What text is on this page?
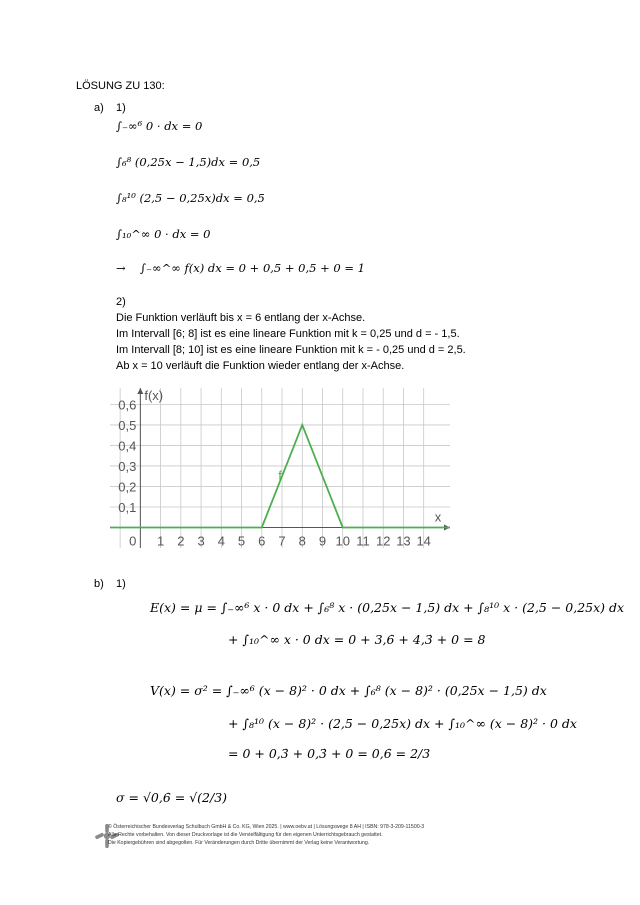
LÖSUNG ZU 130:
a) 1)
∫₋∞⁶ 0 · dx = 0
∫₆⁸ (0,25x − 1,5)dx = 0,5
∫₈¹⁰ (2,5 − 0,25x)dx = 0,5
∫₁₀^∞ 0 · dx = 0
→ ∫₋∞^∞ f(x) dx = 0 + 0,5 + 0,5 + 0 = 1
2)
Die Funktion verläuft bis x = 6 entlang der x-Achse.
Im Intervall [6; 8] ist es eine lineare Funktion mit k = 0,25 und d = - 1,5.
Im Intervall [8; 10] ist es eine lineare Funktion mit k = - 0,25 und d = 2,5.
Ab x = 10 verläuft die Funktion wieder entlang der x-Achse.
1 2 3 4 5 6 7 8 9 10 11 12 13 14
0,1
0,2
0,3
0,4
0,5
0,6
0
f(x)
x
f
b) 1)
E(x) = μ = ∫₋∞⁶ x · 0 dx + ∫₆⁸ x · (0,25x − 1,5) dx + ∫₈¹⁰ x · (2,5 − 0,25x) dx
+ ∫₁₀^∞ x · 0 dx = 0 + 3,6̇ + 4,3̇ + 0 = 8
V(x) = σ² = ∫₋∞⁶ (x − 8)² · 0 dx + ∫₆⁸ (x − 8)² · (0,25x − 1,5) dx
+ ∫₈¹⁰ (x − 8)² · (2,5 − 0,25x) dx + ∫₁₀^∞ (x − 8)² · 0 dx
= 0 + 0,3̇ + 0,3̇ + 0 = 0,6̇ = 2/3
σ = √0,6̇ = √(2/3)
© Österreichischer Bundesverlag Schulbuch GmbH & Co. KG, Wien 2025. | www.oebv.at | Lösungswege 8 AH | ISBN: 978-3-209-11500-3
Alle Rechte vorbehalten. Von dieser Druckvorlage ist die Vervielfältigung für den eigenen Unterrichtsgebrauch gestattet.
Die Kopiergebühren sind abgegolten. Für Veränderungen durch Dritte übernimmt der Verlag keine Verantwortung.
